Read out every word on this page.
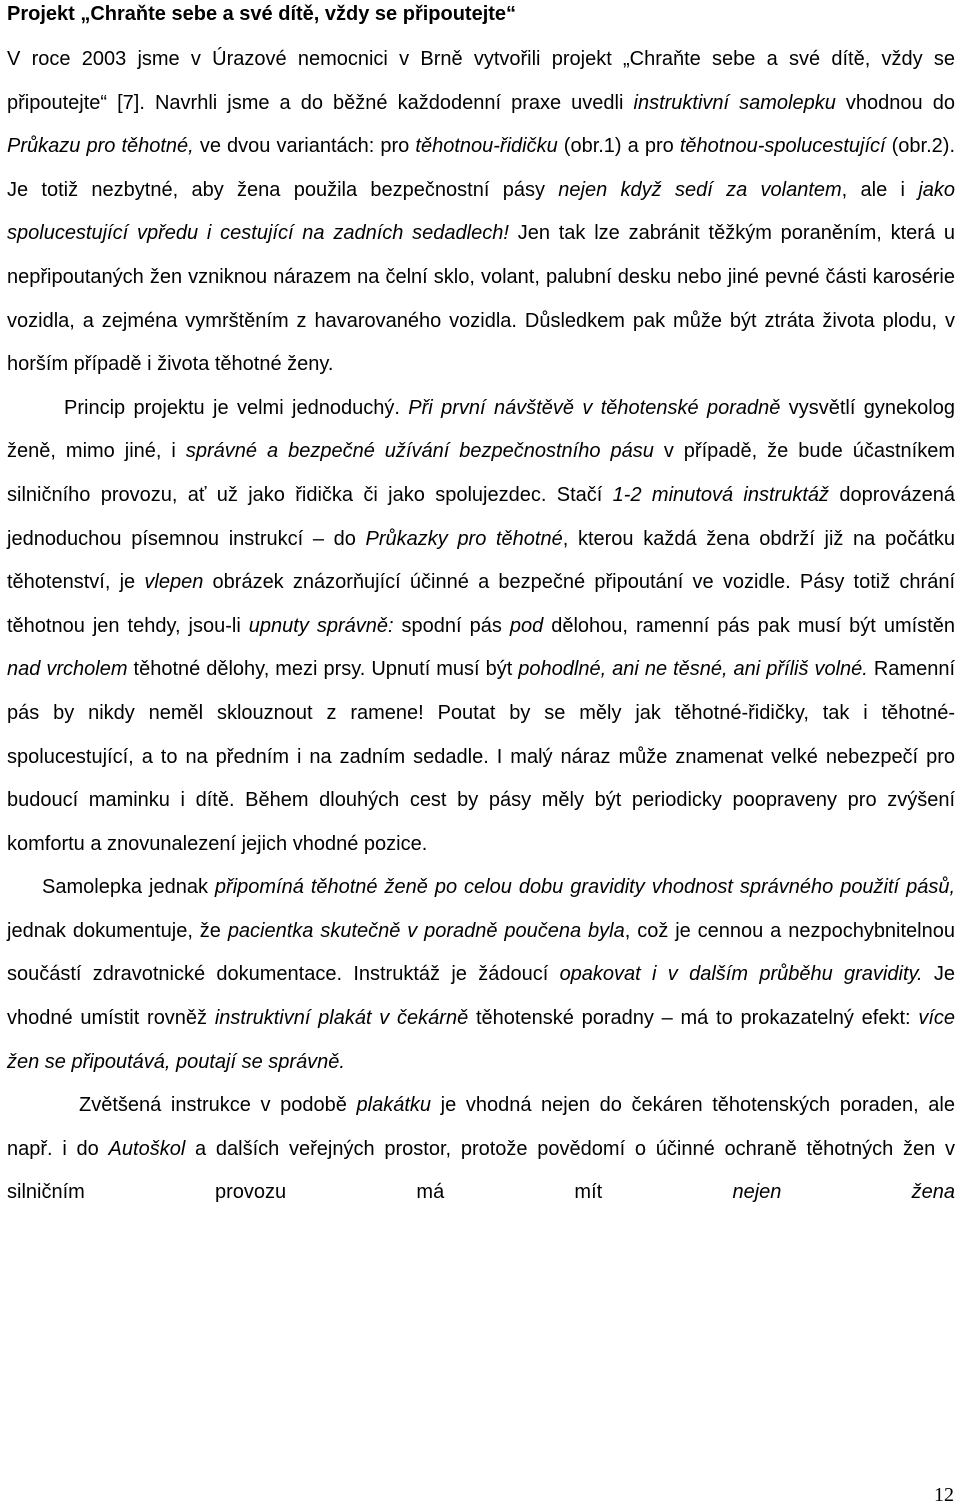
Projekt „Chraňte sebe a své dítě, vždy se připoutejte“

V roce 2003 jsme v Úrazové nemocnici v Brně vytvořili projekt „Chraňte sebe a své dítě, vždy se připoutejte“ [7]. Navrhli jsme a do běžné každodenní praxe uvedli instruktivní samolepku vhodnou do Průkazu pro těhotné, ve dvou variantách: pro těhotnou-řidičku (obr.1) a pro těhotnou-spolucestující (obr.2). Je totiž nezbytné, aby žena použila bezpečnostní pásy nejen když sedí za volantem, ale i jako spolucestující vpředu i cestující na zadních sedadlech! Jen tak lze zabránit těžkým poraněním, která u nepřipoutaných žen vzniknou nárazem na čelní sklo, volant, palubní desku nebo jiné pevné části karosérie vozidla, a zejména vymrštěním z havarovaného vozidla. Důsledkem pak může být ztráta života plodu, v horším případě i života těhotné ženy.

Princip projektu je velmi jednoduchý. Při první návštěvě v těhotenské poradně vysvětlí gynekolog ženě, mimo jiné, i správné a bezpečné užívání bezpečnostního pásu v případě, že bude účastníkem silničního provozu, ať už jako řidička či jako spolujezdec. Stačí 1-2 minutová instruktáž doprovázená jednoduchou písemnou instrukcí – do Průkazky pro těhotné, kterou každá žena obdrží již na počátku těhotenství, je vlepen obrázek znázorňující účinné a bezpečné připoutání ve vozidle. Pásy totiž chrání těhotnou jen tehdy, jsou-li upnuty správně: spodní pás pod dělohou, ramenní pás pak musí být umístěn nad vrcholem těhotné dělohy, mezi prsy. Upnutí musí být pohodlné, ani ne těsné, ani příliš volné. Ramenní pás by nikdy neměl sklouznout z ramene! Poutat by se měly jak těhotné-řidičky, tak i těhotné-spolucestující, a to na předním i na zadním sedadle. I malý náraz může znamenat velké nebezpečí pro budoucí maminku i dítě. Během dlouhých cest by pásy měly být periodicky poopraveny pro zvýšení komfortu a znovunalezení jejich vhodné pozice.

Samolepka jednak připomíná těhotné ženě po celou dobu gravidity vhodnost správného použití pásů, jednak dokumentuje, že pacientka skutečně v poradně poučena byla, což je cennou a nezpochybnitelnou součástí zdravotnické dokumentace. Instruktáž je žádoucí opakovat i v dalším průběhu gravidity. Je vhodné umístit rovněž instruktivní plakát v čekárně těhotenské poradny – má to prokazatelný efekt: více žen se připoutává, poutají se správně.

Zvětšená instrukce v podobě plakátku je vhodná nejen do čekáren těhotenských poraden, ale např. i do Autoškol a dalších veřejných prostor, protože povědomí o účinné ochraně těhotných žen v silničním provozu má mít nejen žena

12
